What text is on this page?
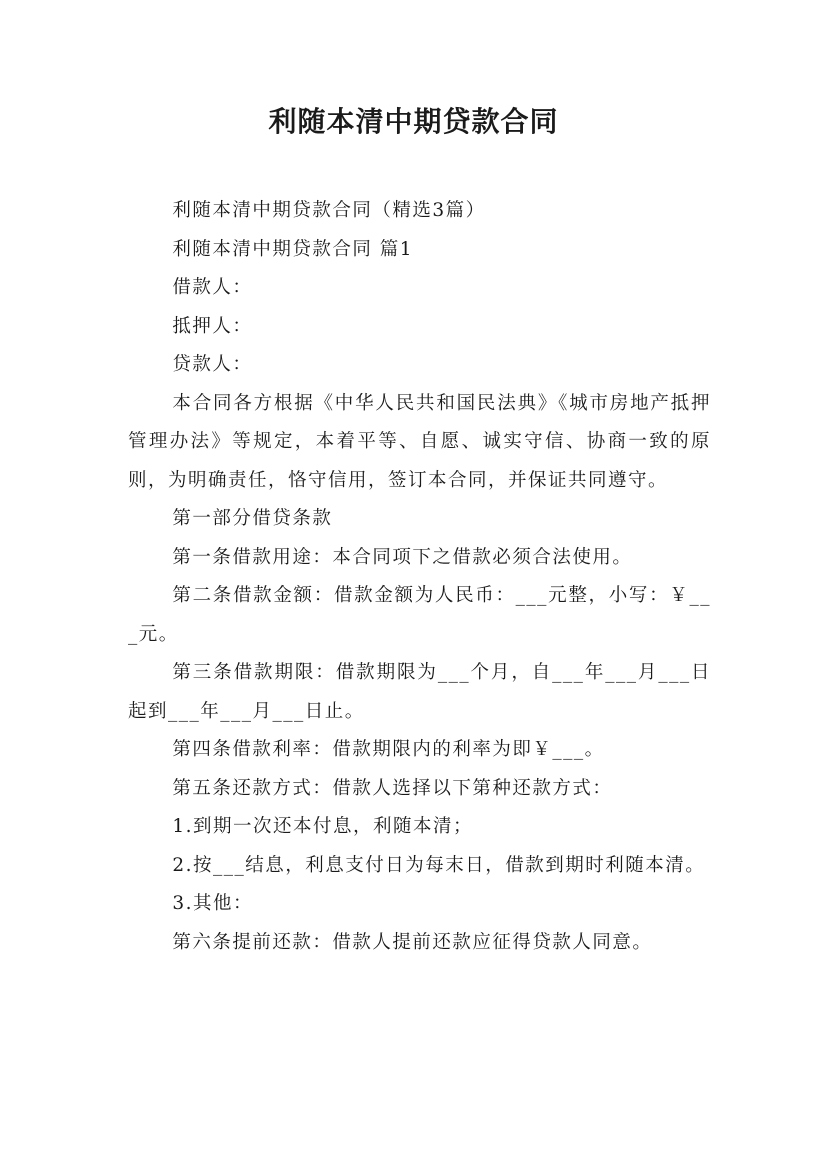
利随本清中期贷款合同

利随本清中期贷款合同（精选3篇）

利随本清中期贷款合同 篇1

借款人：

抵押人：

贷款人：

本合同各方根据《中华人民共和国民法典》《城市房地产抵押管理办法》等规定，本着平等、自愿、诚实守信、协商一致的原则，为明确责任，恪守信用，签订本合同，并保证共同遵守。

第一部分借贷条款

第一条借款用途：本合同项下之借款必须合法使用。

第二条借款金额：借款金额为人民币：___元整，小写：￥___元。

第三条借款期限：借款期限为___个月，自___年___月___日起到___年___月___日止。

第四条借款利率：借款期限内的利率为即￥___。

第五条还款方式：借款人选择以下第种还款方式：

1.到期一次还本付息，利随本清；

2.按___结息，利息支付日为每末日，借款到期时利随本清。

3.其他：

第六条提前还款：借款人提前还款应征得贷款人同意。
